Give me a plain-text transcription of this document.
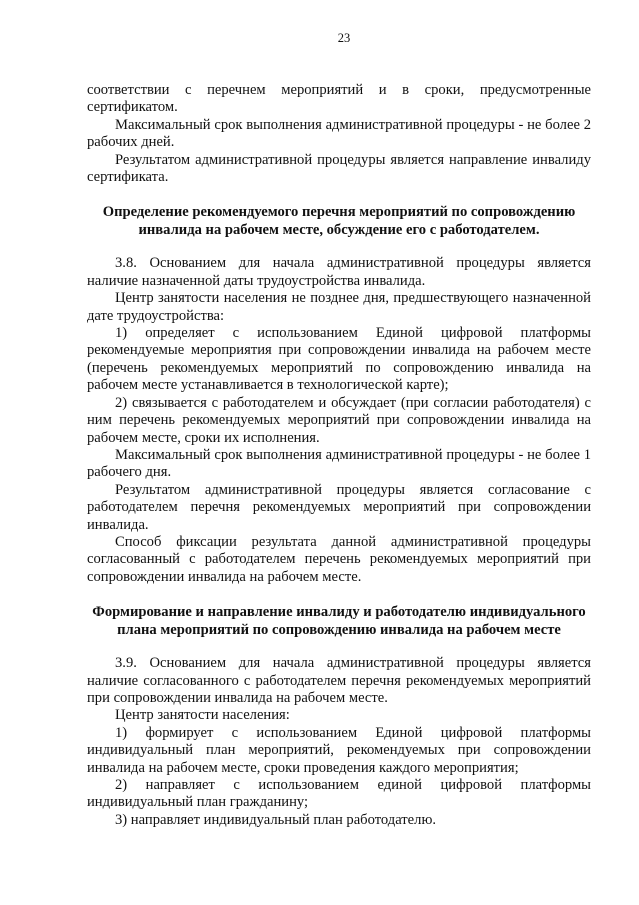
23

соответствии с перечнем мероприятий и в сроки, предусмотренные сертификатом.

Максимальный срок выполнения административной процедуры - не более 2 рабочих дней.

Результатом административной процедуры является направление инвалиду сертификата.

Определение рекомендуемого перечня мероприятий по сопровождению инвалида на рабочем месте, обсуждение его с работодателем.

3.8. Основанием для начала административной процедуры является наличие назначенной даты трудоустройства инвалида.

Центр занятости населения не позднее дня, предшествующего назначенной дате трудоустройства:

1) определяет с использованием Единой цифровой платформы рекомендуемые мероприятия при сопровождении инвалида на рабочем месте (перечень рекомендуемых мероприятий по сопровождению инвалида на рабочем месте устанавливается в технологической карте);

2) связывается с работодателем и обсуждает (при согласии работодателя) с ним перечень рекомендуемых мероприятий при сопровождении инвалида на рабочем месте, сроки их исполнения.

Максимальный срок выполнения административной процедуры - не более 1 рабочего дня.

Результатом административной процедуры является согласование с работодателем перечня рекомендуемых мероприятий при сопровождении инвалида.

Способ фиксации результата данной административной процедуры согласованный с работодателем перечень рекомендуемых мероприятий при сопровождении инвалида на рабочем месте.

Формирование и направление инвалиду и работодателю индивидуального плана мероприятий по сопровождению инвалида на рабочем месте

3.9. Основанием для начала административной процедуры является наличие согласованного с работодателем перечня рекомендуемых мероприятий при сопровождении инвалида на рабочем месте.

Центр занятости населения:

1) формирует с использованием Единой цифровой платформы индивидуальный план мероприятий, рекомендуемых при сопровождении инвалида на рабочем месте, сроки проведения каждого мероприятия;

2) направляет с использованием единой цифровой платформы индивидуальный план гражданину;

3) направляет индивидуальный план работодателю.
